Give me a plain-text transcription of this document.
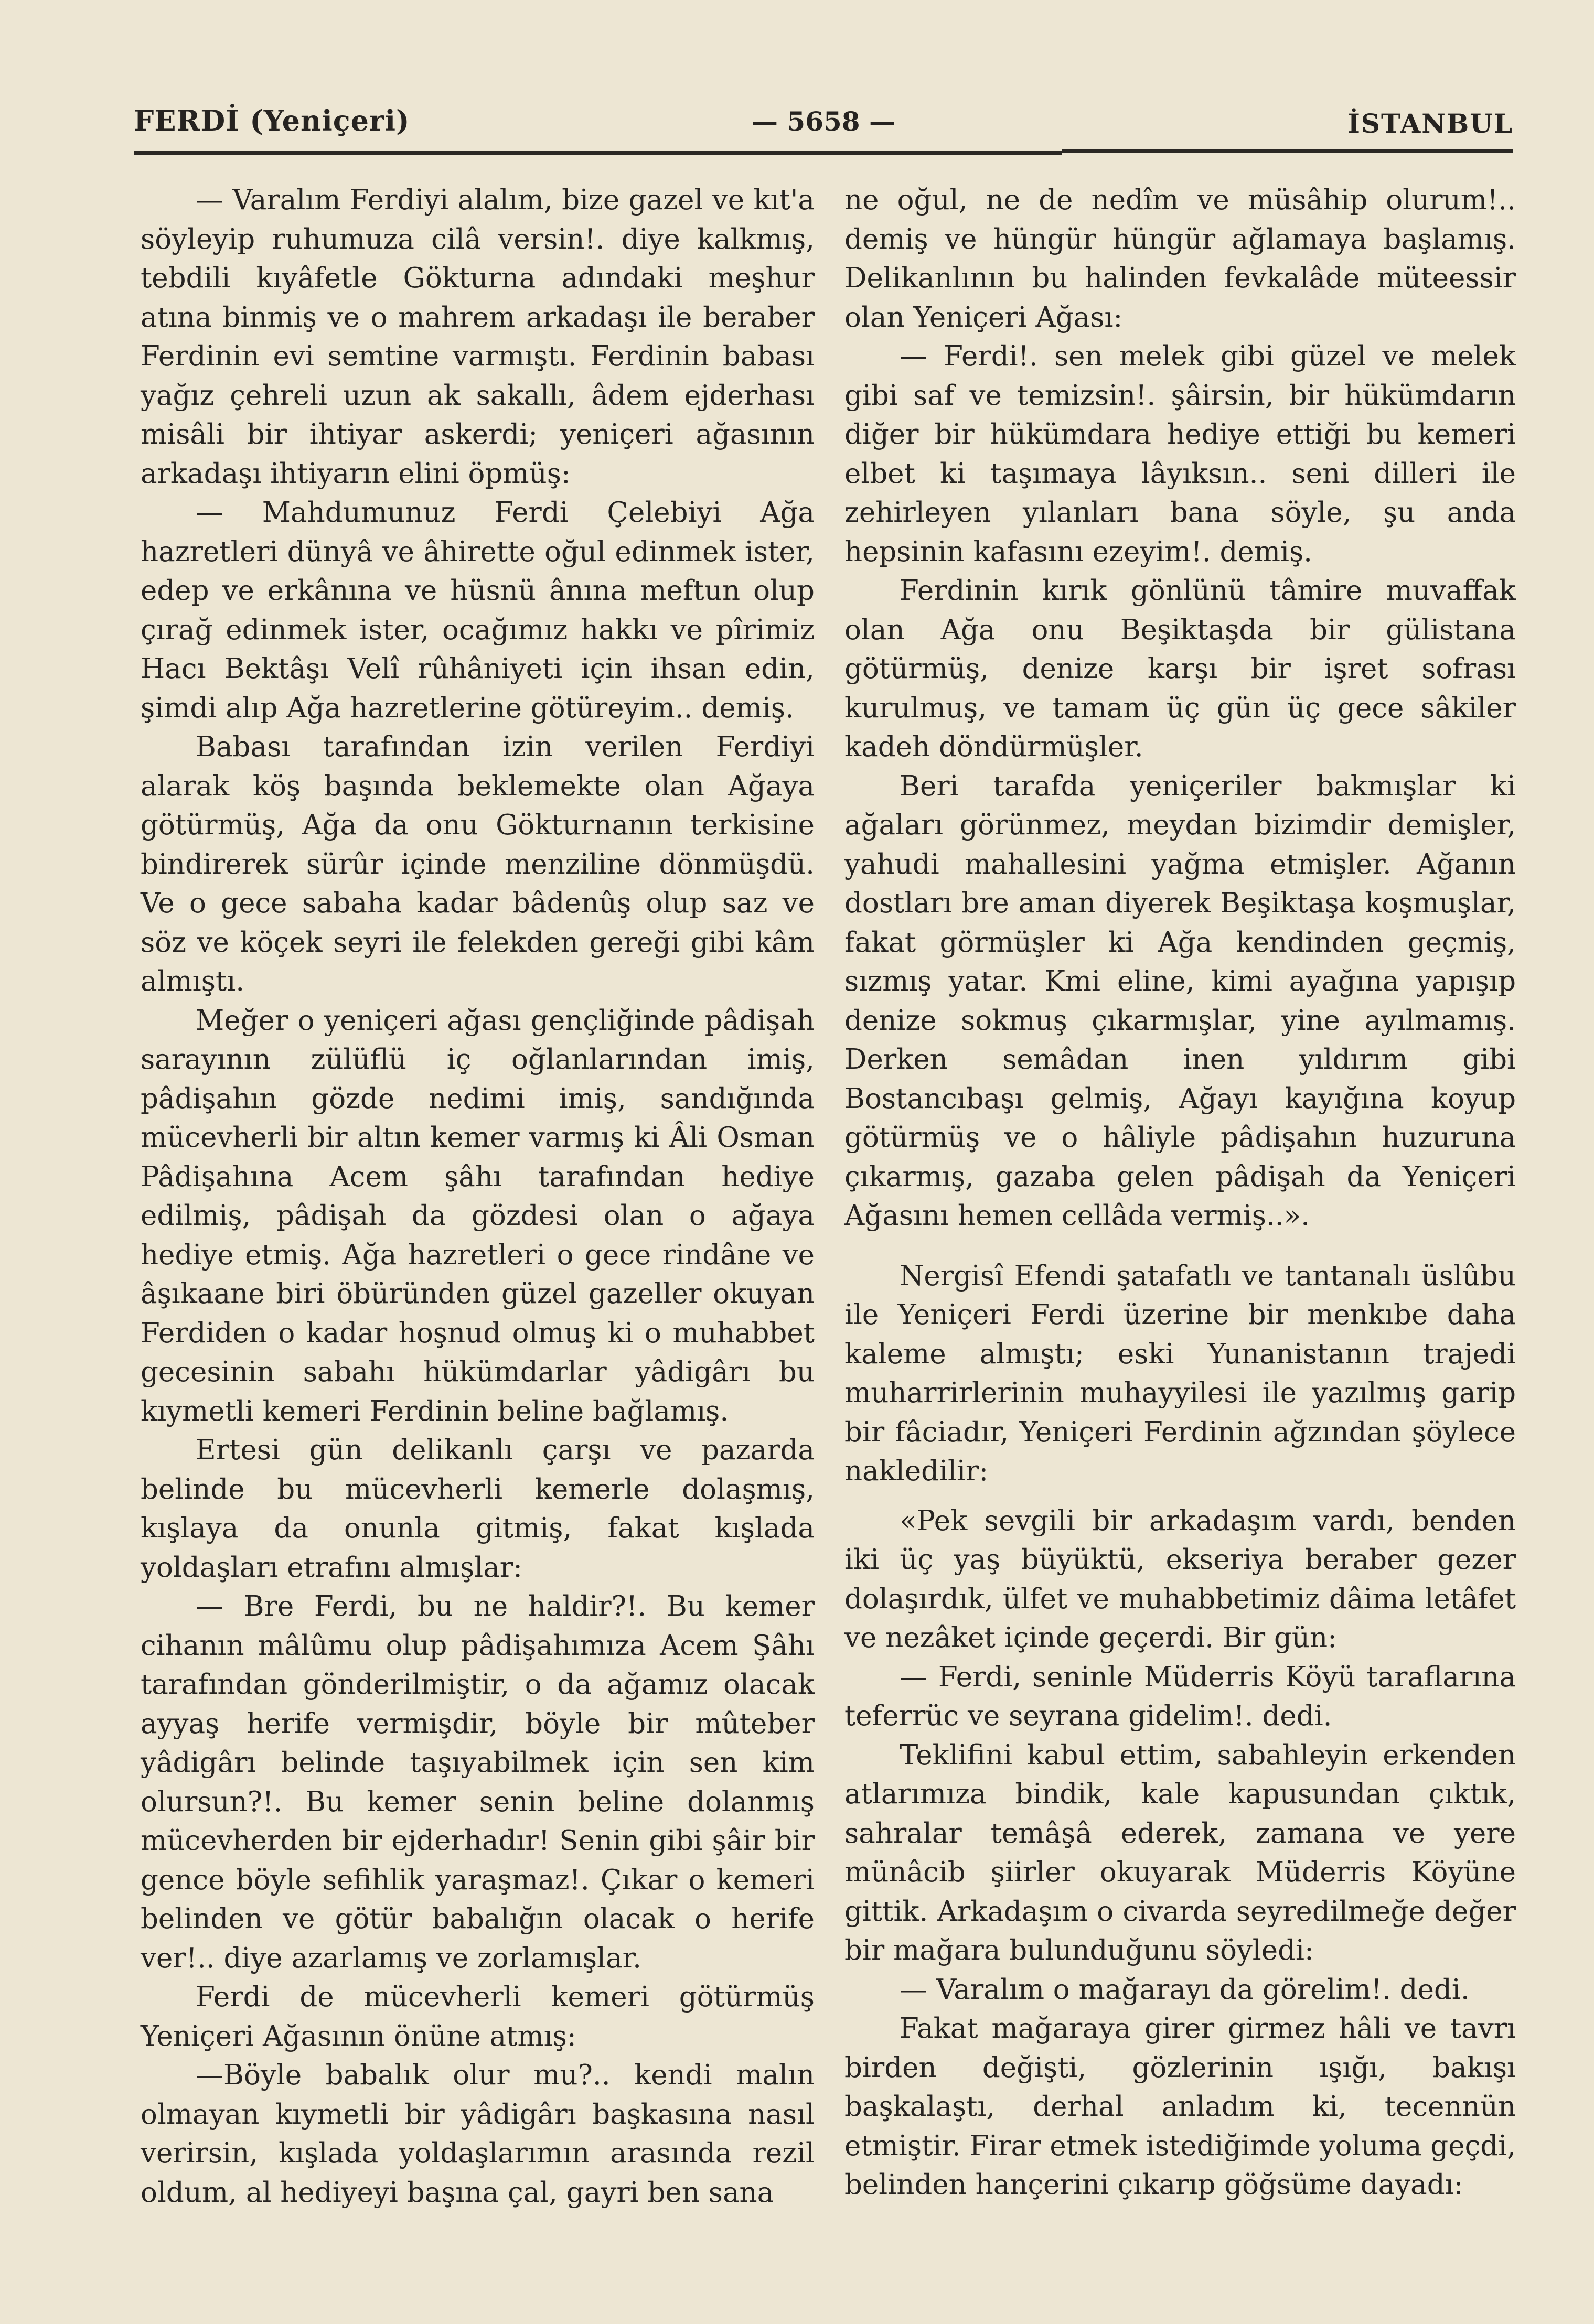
FERDİ (Yeniçeri)	— 5658 —	İSTANBUL

— Varalım Ferdiyi alalım, bize gazel ve kıt'a söyleyip ruhumuza cilâ versin!. diye kalkmış, tebdili kıyâfetle Gökturna adındaki meşhur atına binmiş ve o mahrem arkadaşı ile beraber Ferdinin evi semtine varmıştı. Ferdinin babası yağız çehreli uzun ak sakallı, âdem ejderhası misâli bir ihtiyar askerdi; yeniçeri ağasının arkadaşı ihtiyarın elini öpmüş:

— Mahdumunuz Ferdi Çelebiyi Ağa hazretleri dünyâ ve âhirette oğul edinmek ister, edep ve erkânına ve hüsnü ânına meftun olup çırağ edinmek ister, ocağımız hakkı ve pîrimiz Hacı Bektâşı Velî rûhâniyeti için ihsan edin, şimdi alıp Ağa hazretlerine götüreyim.. demiş.

Babası tarafından izin verilen Ferdiyi alarak köş başında beklemekte olan Ağaya götürmüş, Ağa da onu Gökturnanın terkisine bindirerek sürûr içinde menziline dönmüşdü. Ve o gece sabaha kadar bâdenûş olup saz ve söz ve köçek seyri ile felekden gereği gibi kâm almıştı.

Meğer o yeniçeri ağası gençliğinde pâdişah sarayının zülüflü iç oğlanlarından imiş, pâdişahın gözde nedimi imiş, sandığında mücevherli bir altın kemer varmış ki Âli Osman Pâdişahına Acem şâhı tarafından hediye edilmiş, pâdişah da gözdesi olan o ağaya hediye etmiş. Ağa hazretleri o gece rindâne ve âşıkaane biri öbüründen güzel gazeller okuyan Ferdiden o kadar hoşnud olmuş ki o muhabbet gecesinin sabahı hükümdarlar yâdigârı bu kıymetli kemeri Ferdinin beline bağlamış.

Ertesi gün delikanlı çarşı ve pazarda belinde bu mücevherli kemerle dolaşmış, kışlaya da onunla gitmiş, fakat kışlada yoldaşları etrafını almışlar:

— Bre Ferdi, bu ne haldir?!. Bu kemer cihanın mâlûmu olup pâdişahımıza Acem Şâhı tarafından gönderilmiştir, o da ağamız olacak ayyaş herife vermişdir, böyle bir mûteber yâdigârı belinde taşıyabilmek için sen kim olursun?!. Bu kemer senin beline dolanmış mücevherden bir ejderhadır! Senin gibi şâir bir gence böyle sefihlik yaraşmaz!. Çıkar o kemeri belinden ve götür babalığın olacak o herife ver!.. diye azarlamış ve zorlamışlar.

Ferdi de mücevherli kemeri götürmüş Yeniçeri Ağasının önüne atmış:

—Böyle babalık olur mu?.. kendi malın olmayan kıymetli bir yâdigârı başkasına nasıl verirsin, kışlada yoldaşlarımın arasında rezil oldum, al hediyeyi başına çal, gayri ben sana

ne oğul, ne de nedîm ve müsâhip olurum!.. demiş ve hüngür hüngür ağlamaya başlamış. Delikanlının bu halinden fevkalâde müteessir olan Yeniçeri Ağası:

— Ferdi!. sen melek gibi güzel ve melek gibi saf ve temizsin!. şâirsin, bir hükümdarın diğer bir hükümdara hediye ettiği bu kemeri elbet ki taşımaya lâyıksın.. seni dilleri ile zehirleyen yılanları bana söyle, şu anda hepsinin kafasını ezeyim!. demiş.

Ferdinin kırık gönlünü tâmire muvaffak olan Ağa onu Beşiktaşda bir gülistana götürmüş, denize karşı bir işret sofrası kurulmuş, ve tamam üç gün üç gece sâkiler kadeh döndürmüşler.

Beri tarafda yeniçeriler bakmışlar ki ağaları görünmez, meydan bizimdir demişler, yahudi mahallesini yağma etmişler. Ağanın dostları bre aman diyerek Beşiktaşa koşmuşlar, fakat görmüşler ki Ağa kendinden geçmiş, sızmış yatar. Kmi eline, kimi ayağına yapışıp denize sokmuş çıkarmışlar, yine ayılmamış. Derken semâdan inen yıldırım gibi Bostancıbaşı gelmiş, Ağayı kayığına koyup götürmüş ve o hâliyle pâdişahın huzuruna çıkarmış, gazaba gelen pâdişah da Yeniçeri Ağasını hemen cellâda vermiş..».

Nergisî Efendi şatafatlı ve tantanalı üslûbu ile Yeniçeri Ferdi üzerine bir menkıbe daha kaleme almıştı; eski Yunanistanın trajedi muharrirlerinin muhayyilesi ile yazılmış garip bir fâciadır, Yeniçeri Ferdinin ağzından şöylece nakledilir:

«Pek sevgili bir arkadaşım vardı, benden iki üç yaş büyüktü, ekseriya beraber gezer dolaşırdık, ülfet ve muhabbetimiz dâima letâfet ve nezâket içinde geçerdi. Bir gün:

— Ferdi, seninle Müderris Köyü taraflarına teferrüc ve seyrana gidelim!. dedi.

Teklifini kabul ettim, sabahleyin erkenden atlarımıza bindik, kale kapusundan çıktık, sahralar temâşâ ederek, zamana ve yere münâcib şiirler okuyarak Müderris Köyüne gittik. Arkadaşım o civarda seyredilmeğe değer bir mağara bulunduğunu söyledi:

— Varalım o mağarayı da görelim!. dedi.

Fakat mağaraya girer girmez hâli ve tavrı birden değişti, gözlerinin ışığı, bakışı başkalaştı, derhal anladım ki, tecennün etmiştir. Firar etmek istediğimde yoluma geçdi, belinden hançerini çıkarıp göğsüme dayadı:
